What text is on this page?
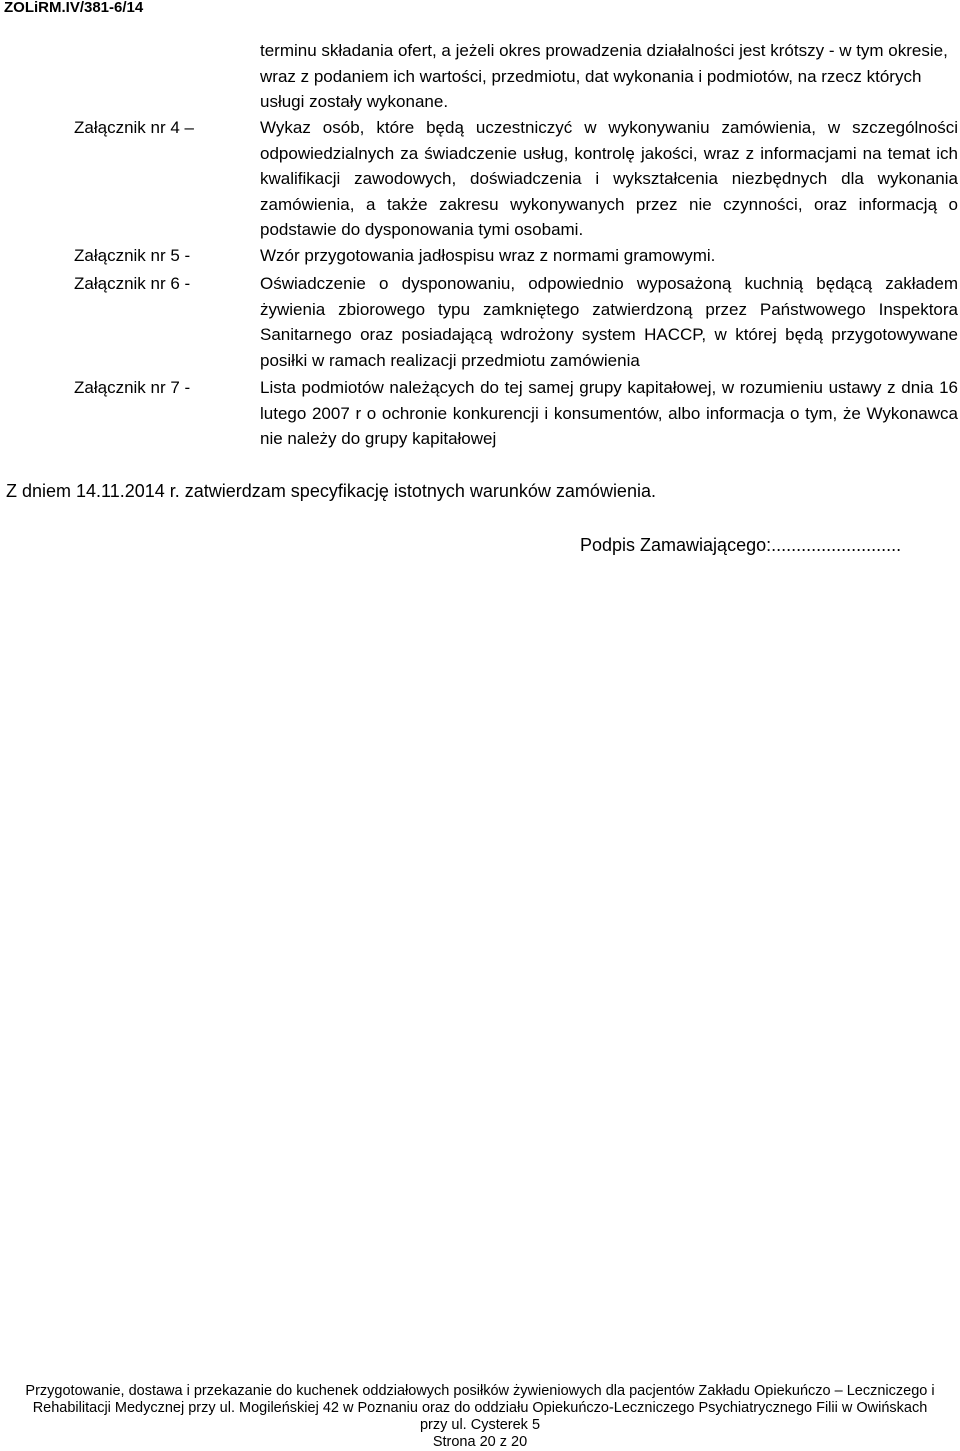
ZOLiRM.IV/381-6/14

terminu składania ofert, a jeżeli okres prowadzenia działalności jest krótszy - w tym okresie, wraz z podaniem ich wartości, przedmiotu, dat wykonania i podmiotów, na rzecz których usługi zostały wykonane.

Załącznik nr 4 –	Wykaz osób, które będą uczestniczyć w wykonywaniu zamówienia, w szczególności odpowiedzialnych za świadczenie usług, kontrolę jakości, wraz z informacjami na temat ich kwalifikacji zawodowych, doświadczenia i wykształcenia niezbędnych dla wykonania zamówienia, a także zakresu wykonywanych przez nie czynności, oraz informacją o podstawie do dysponowania tymi osobami.

Załącznik nr 5 -	Wzór przygotowania jadłospisu wraz z normami gramowymi.

Załącznik nr 6 -	Oświadczenie o dysponowaniu, odpowiednio wyposażoną kuchnią będącą zakładem żywienia zbiorowego typu zamkniętego zatwierdzoną przez Państwowego Inspektora Sanitarnego oraz posiadającą wdrożony system HACCP, w której będą przygotowywane posiłki w ramach realizacji przedmiotu zamówienia

Załącznik nr 7 -	Lista podmiotów należących do tej samej grupy kapitałowej, w rozumieniu ustawy z dnia 16 lutego 2007 r o ochronie konkurencji i konsumentów, albo informacja o tym, że Wykonawca nie należy do grupy kapitałowej

Z dniem 14.11.2014 r. zatwierdzam specyfikację istotnych warunków zamówienia.

Podpis Zamawiającego:..........................

Przygotowanie, dostawa i przekazanie do kuchenek oddziałowych posiłków żywieniowych dla pacjentów Zakładu Opiekuńczo – Leczniczego i

Rehabilitacji Medycznej przy ul. Mogileńskiej 42 w Poznaniu oraz do oddziału Opiekuńczo-Leczniczego Psychiatrycznego Filii w Owińskach

przy ul. Cysterek 5

Strona 20 z 20
